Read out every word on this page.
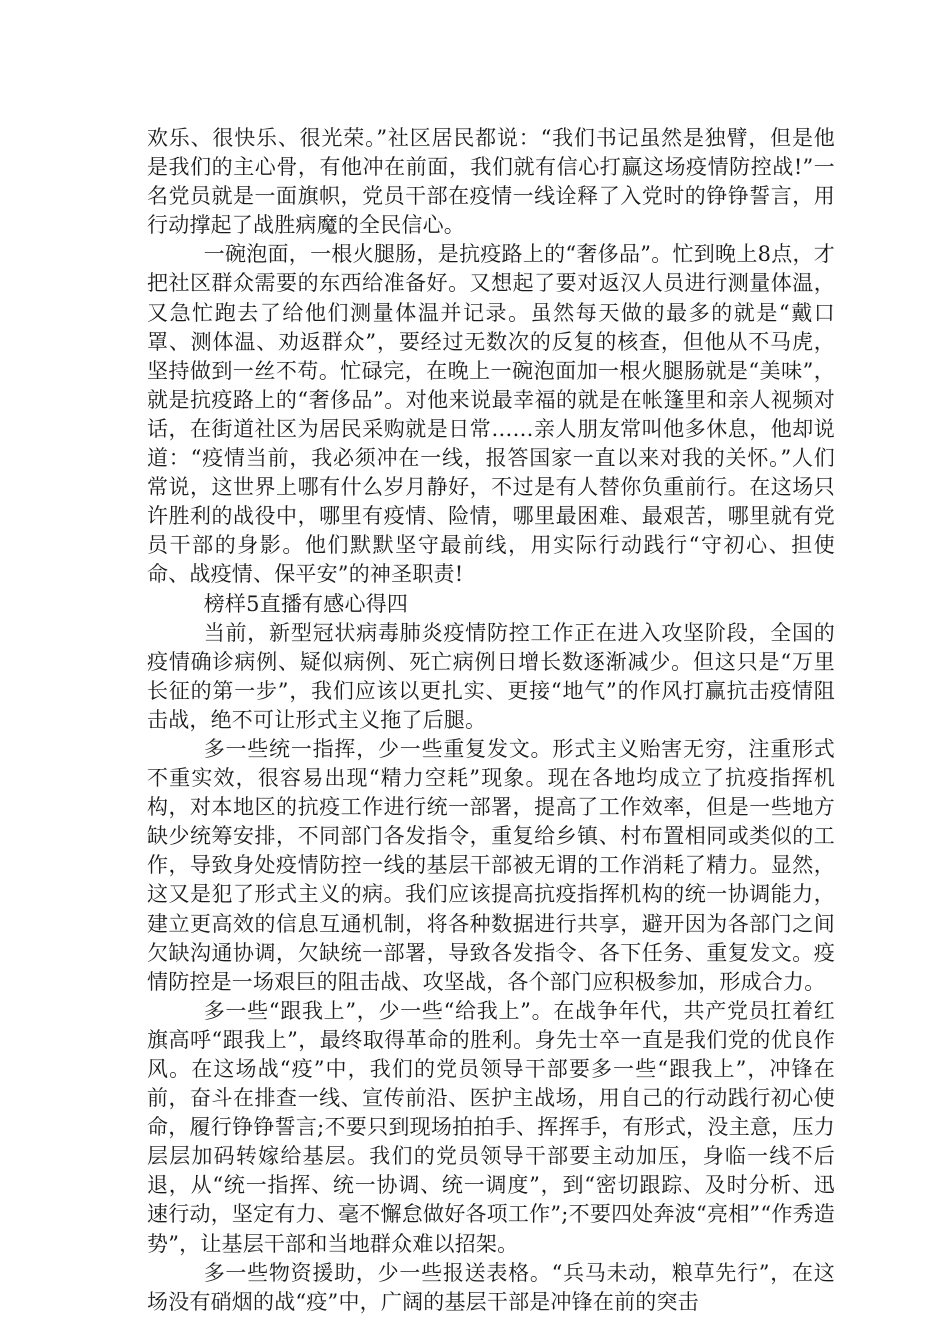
欢乐、很快乐、很光荣。”社区居民都说：“我们书记虽然是独臂，但是他是我们的主心骨，有他冲在前面，我们就有信心打赢这场疫情防控战!”一名党员就是一面旗帜，党员干部在疫情一线诠释了入党时的铮铮誓言，用行动撑起了战胜病魔的全民信心。

一碗泡面，一根火腿肠，是抗疫路上的“奢侈品”。忙到晚上8点，才把社区群众需要的东西给准备好。又想起了要对返汉人员进行测量体温，又急忙跑去了给他们测量体温并记录。虽然每天做的最多的就是“戴口罩、测体温、劝返群众”，要经过无数次的反复的核查，但他从不马虎，坚持做到一丝不苟。忙碌完，在晚上一碗泡面加一根火腿肠就是“美味”，就是抗疫路上的“奢侈品”。对他来说最幸福的就是在帐篷里和亲人视频对话，在街道社区为居民采购就是日常……亲人朋友常叫他多休息，他却说道：“疫情当前，我必须冲在一线，报答国家一直以来对我的关怀。”人们常说，这世界上哪有什么岁月静好，不过是有人替你负重前行。在这场只许胜利的战役中，哪里有疫情、险情，哪里最困难、最艰苦，哪里就有党员干部的身影。他们默默坚守最前线，用实际行动践行“守初心、担使命、战疫情、保平安”的神圣职责!

榜样5直播有感心得四

当前，新型冠状病毒肺炎疫情防控工作正在进入攻坚阶段，全国的疫情确诊病例、疑似病例、死亡病例日增长数逐渐减少。但这只是“万里长征的第一步”，我们应该以更扎实、更接“地气”的作风打赢抗击疫情阻击战，绝不可让形式主义拖了后腿。

多一些统一指挥，少一些重复发文。形式主义贻害无穷，注重形式不重实效，很容易出现“精力空耗”现象。现在各地均成立了抗疫指挥机构，对本地区的抗疫工作进行统一部署，提高了工作效率，但是一些地方缺少统筹安排，不同部门各发指令，重复给乡镇、村布置相同或类似的工作，导致身处疫情防控一线的基层干部被无谓的工作消耗了精力。显然，这又是犯了形式主义的病。我们应该提高抗疫指挥机构的统一协调能力，建立更高效的信息互通机制，将各种数据进行共享，避开因为各部门之间欠缺沟通协调，欠缺统一部署，导致各发指令、各下任务、重复发文。疫情防控是一场艰巨的阻击战、攻坚战，各个部门应积极参加，形成合力。

多一些“跟我上”，少一些“给我上”。在战争年代，共产党员扛着红旗高呼“跟我上”，最终取得革命的胜利。身先士卒一直是我们党的优良作风。在这场战“疫”中，我们的党员领导干部要多一些“跟我上”，冲锋在前，奋斗在排查一线、宣传前沿、医护主战场，用自己的行动践行初心使命，履行铮铮誓言;不要只到现场拍拍手、挥挥手，有形式，没主意，压力层层加码转嫁给基层。我们的党员领导干部要主动加压，身临一线不后退，从“统一指挥、统一协调、统一调度”，到“密切跟踪、及时分析、迅速行动，坚定有力、毫不懈怠做好各项工作”;不要四处奔波“亮相”“作秀造势”，让基层干部和当地群众难以招架。

多一些物资援助，少一些报送表格。“兵马未动，粮草先行”，在这场没有硝烟的战“疫”中，广阔的基层干部是冲锋在前的突击
